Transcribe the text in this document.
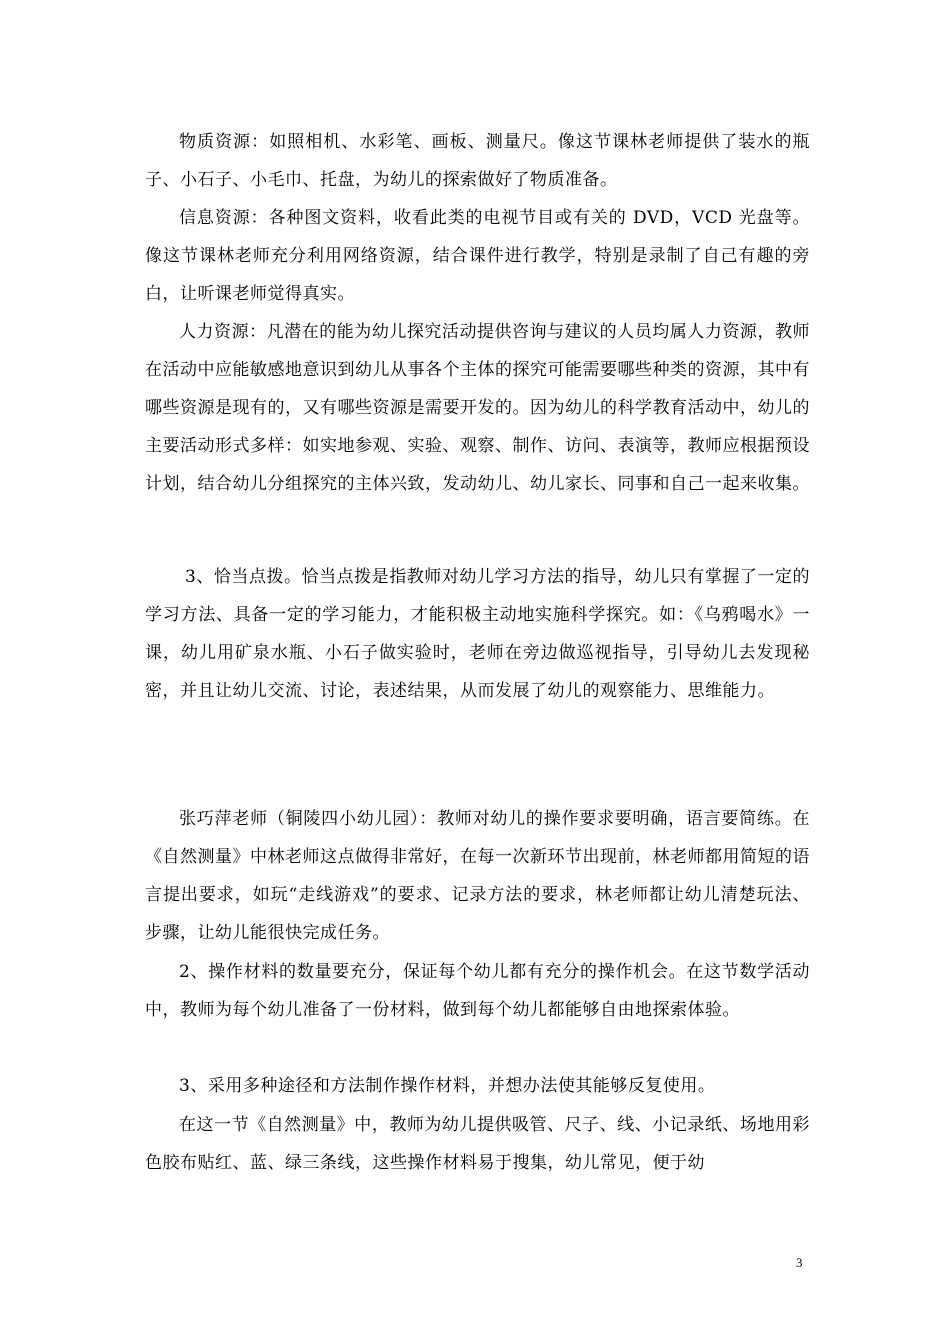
物质资源：如照相机、水彩笔、画板、测量尺。像这节课林老师提供了装水的瓶子、小石子、小毛巾、托盘，为幼儿的探索做好了物质准备。

信息资源：各种图文资料，收看此类的电视节目或有关的 DVD，VCD 光盘等。像这节课林老师充分利用网络资源，结合课件进行教学，特别是录制了自己有趣的旁白，让听课老师觉得真实。

人力资源：凡潜在的能为幼儿探究活动提供咨询与建议的人员均属人力资源，教师在活动中应能敏感地意识到幼儿从事各个主体的探究可能需要哪些种类的资源，其中有哪些资源是现有的，又有哪些资源是需要开发的。因为幼儿的科学教育活动中，幼儿的主要活动形式多样：如实地参观、实验、观察、制作、访问、表演等，教师应根据预设计划，结合幼儿分组探究的主体兴致，发动幼儿、幼儿家长、同事和自己一起来收集。

3、恰当点拨。恰当点拨是指教师对幼儿学习方法的指导，幼儿只有掌握了一定的学习方法、具备一定的学习能力，才能积极主动地实施科学探究。如：《乌鸦喝水》一课，幼儿用矿泉水瓶、小石子做实验时，老师在旁边做巡视指导，引导幼儿去发现秘密，并且让幼儿交流、讨论，表述结果，从而发展了幼儿的观察能力、思维能力。

张巧萍老师（铜陵四小幼儿园）：教师对幼儿的操作要求要明确，语言要简练。在《自然测量》中林老师这点做得非常好，在每一次新环节出现前，林老师都用简短的语言提出要求，如玩“走线游戏”的要求、记录方法的要求，林老师都让幼儿清楚玩法、步骤，让幼儿能很快完成任务。

2、操作材料的数量要充分，保证每个幼儿都有充分的操作机会。在这节数学活动中，教师为每个幼儿准备了一份材料，做到每个幼儿都能够自由地探索体验。

3、采用多种途径和方法制作操作材料，并想办法使其能够反复使用。

在这一节《自然测量》中，教师为幼儿提供吸管、尺子、线、小记录纸、场地用彩色胶布贴红、蓝、绿三条线，这些操作材料易于搜集，幼儿常见，便于幼

3
